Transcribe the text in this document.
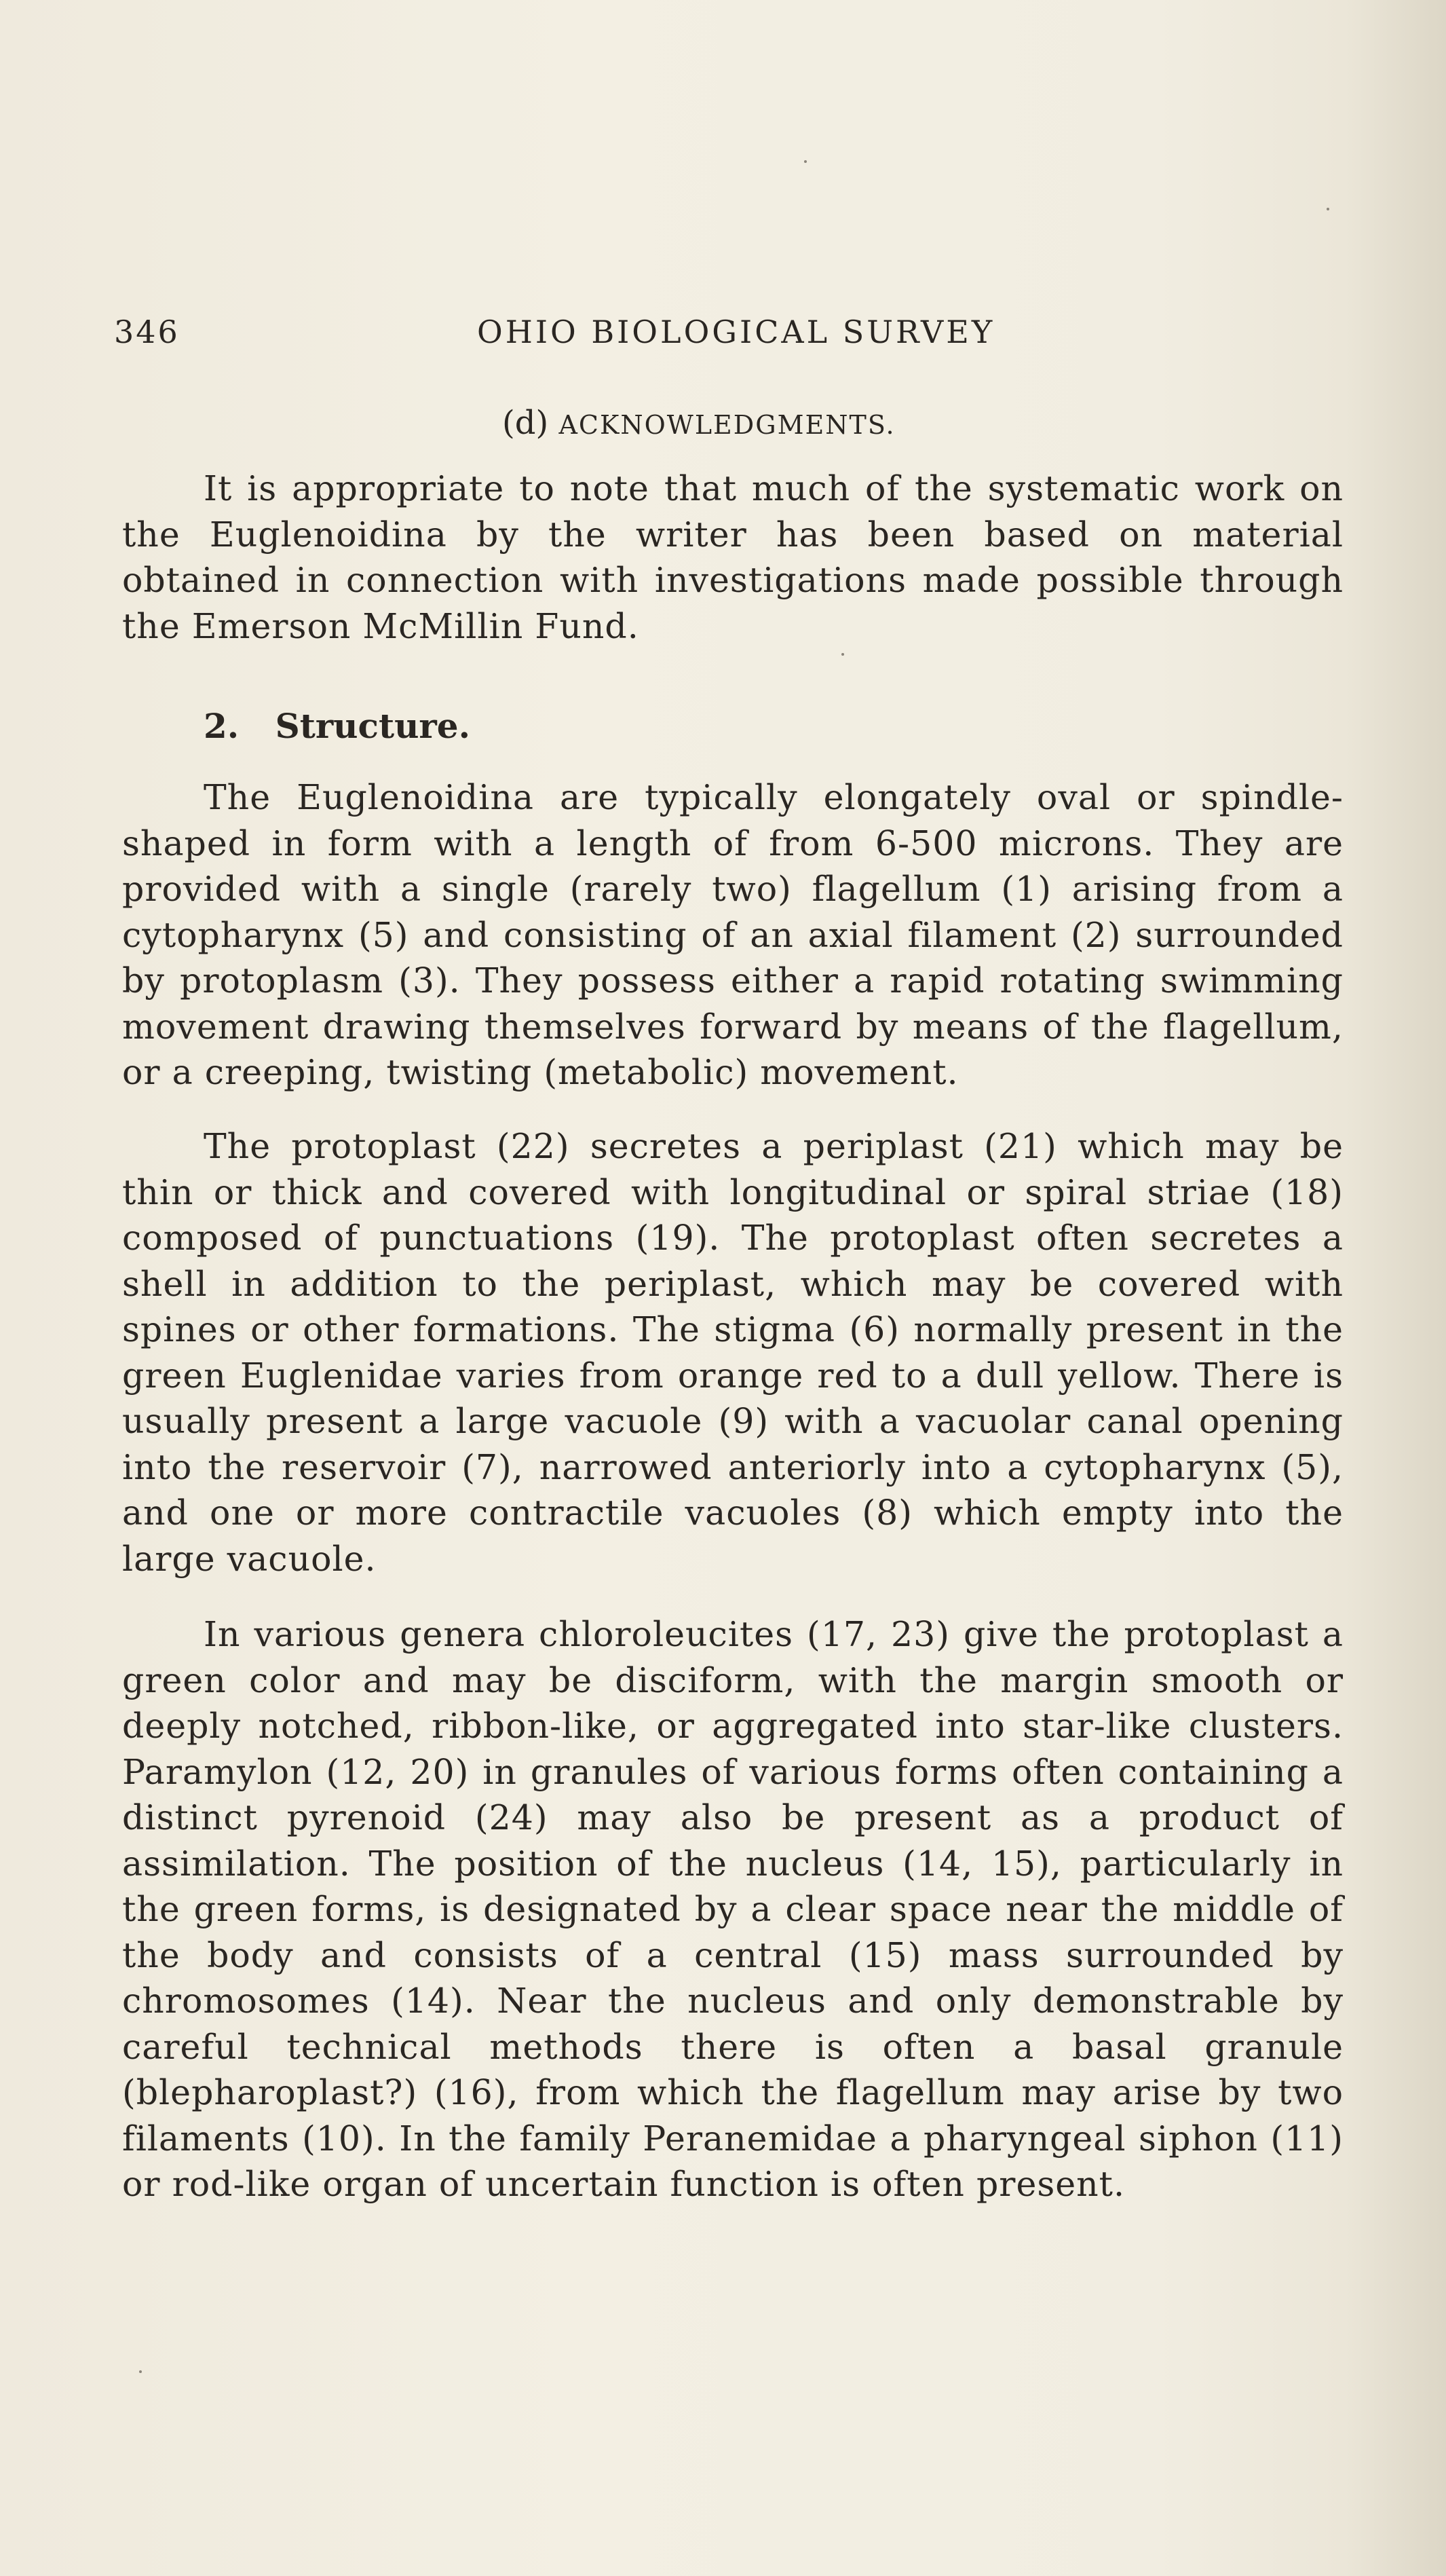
346	OHIO BIOLOGICAL SURVEY
(d) ACKNOWLEDGMENTS.

It is appropriate to note that much of the systematic work on the Euglenoidina by the writer has been based on material obtained in connection with investigations made possible through the Emerson McMillin Fund.

2. Structure.

The Euglenoidina are typically elongately oval or spindle-shaped in form with a length of from 6-500 microns. They are provided with a single (rarely two) flagellum (1) arising from a cytopharynx (5) and consisting of an axial filament (2) surrounded by protoplasm (3). They possess either a rapid rotating swimming movement drawing themselves forward by means of the flagellum, or a creeping, twisting (metabolic) movement.

The protoplast (22) secretes a periplast (21) which may be thin or thick and covered with longitudinal or spiral striae (18) composed of punctuations (19). The protoplast often secretes a shell in addition to the periplast, which may be covered with spines or other formations. The stigma (6) normally present in the green Euglenidae varies from orange red to a dull yellow. There is usually present a large vacuole (9) with a vacuolar canal opening into the reservoir (7), narrowed anteriorly into a cytopharynx (5), and one or more contractile vacuoles (8) which empty into the large vacuole.

In various genera chloroleucites (17, 23) give the protoplast a green color and may be disciform, with the margin smooth or deeply notched, ribbon-like, or aggregated into star-like clusters. Paramylon (12, 20) in granules of various forms often containing a distinct pyrenoid (24) may also be present as a product of assimilation. The position of the nucleus (14, 15), particularly in the green forms, is designated by a clear space near the middle of the body and consists of a central (15) mass surrounded by chromosomes (14). Near the nucleus and only demonstrable by careful technical methods there is often a basal granule (blepharoplast?) (16), from which the flagellum may arise by two filaments (10). In the family Peranemidae a pharyngeal siphon (11) or rod-like organ of uncertain function is often present.
